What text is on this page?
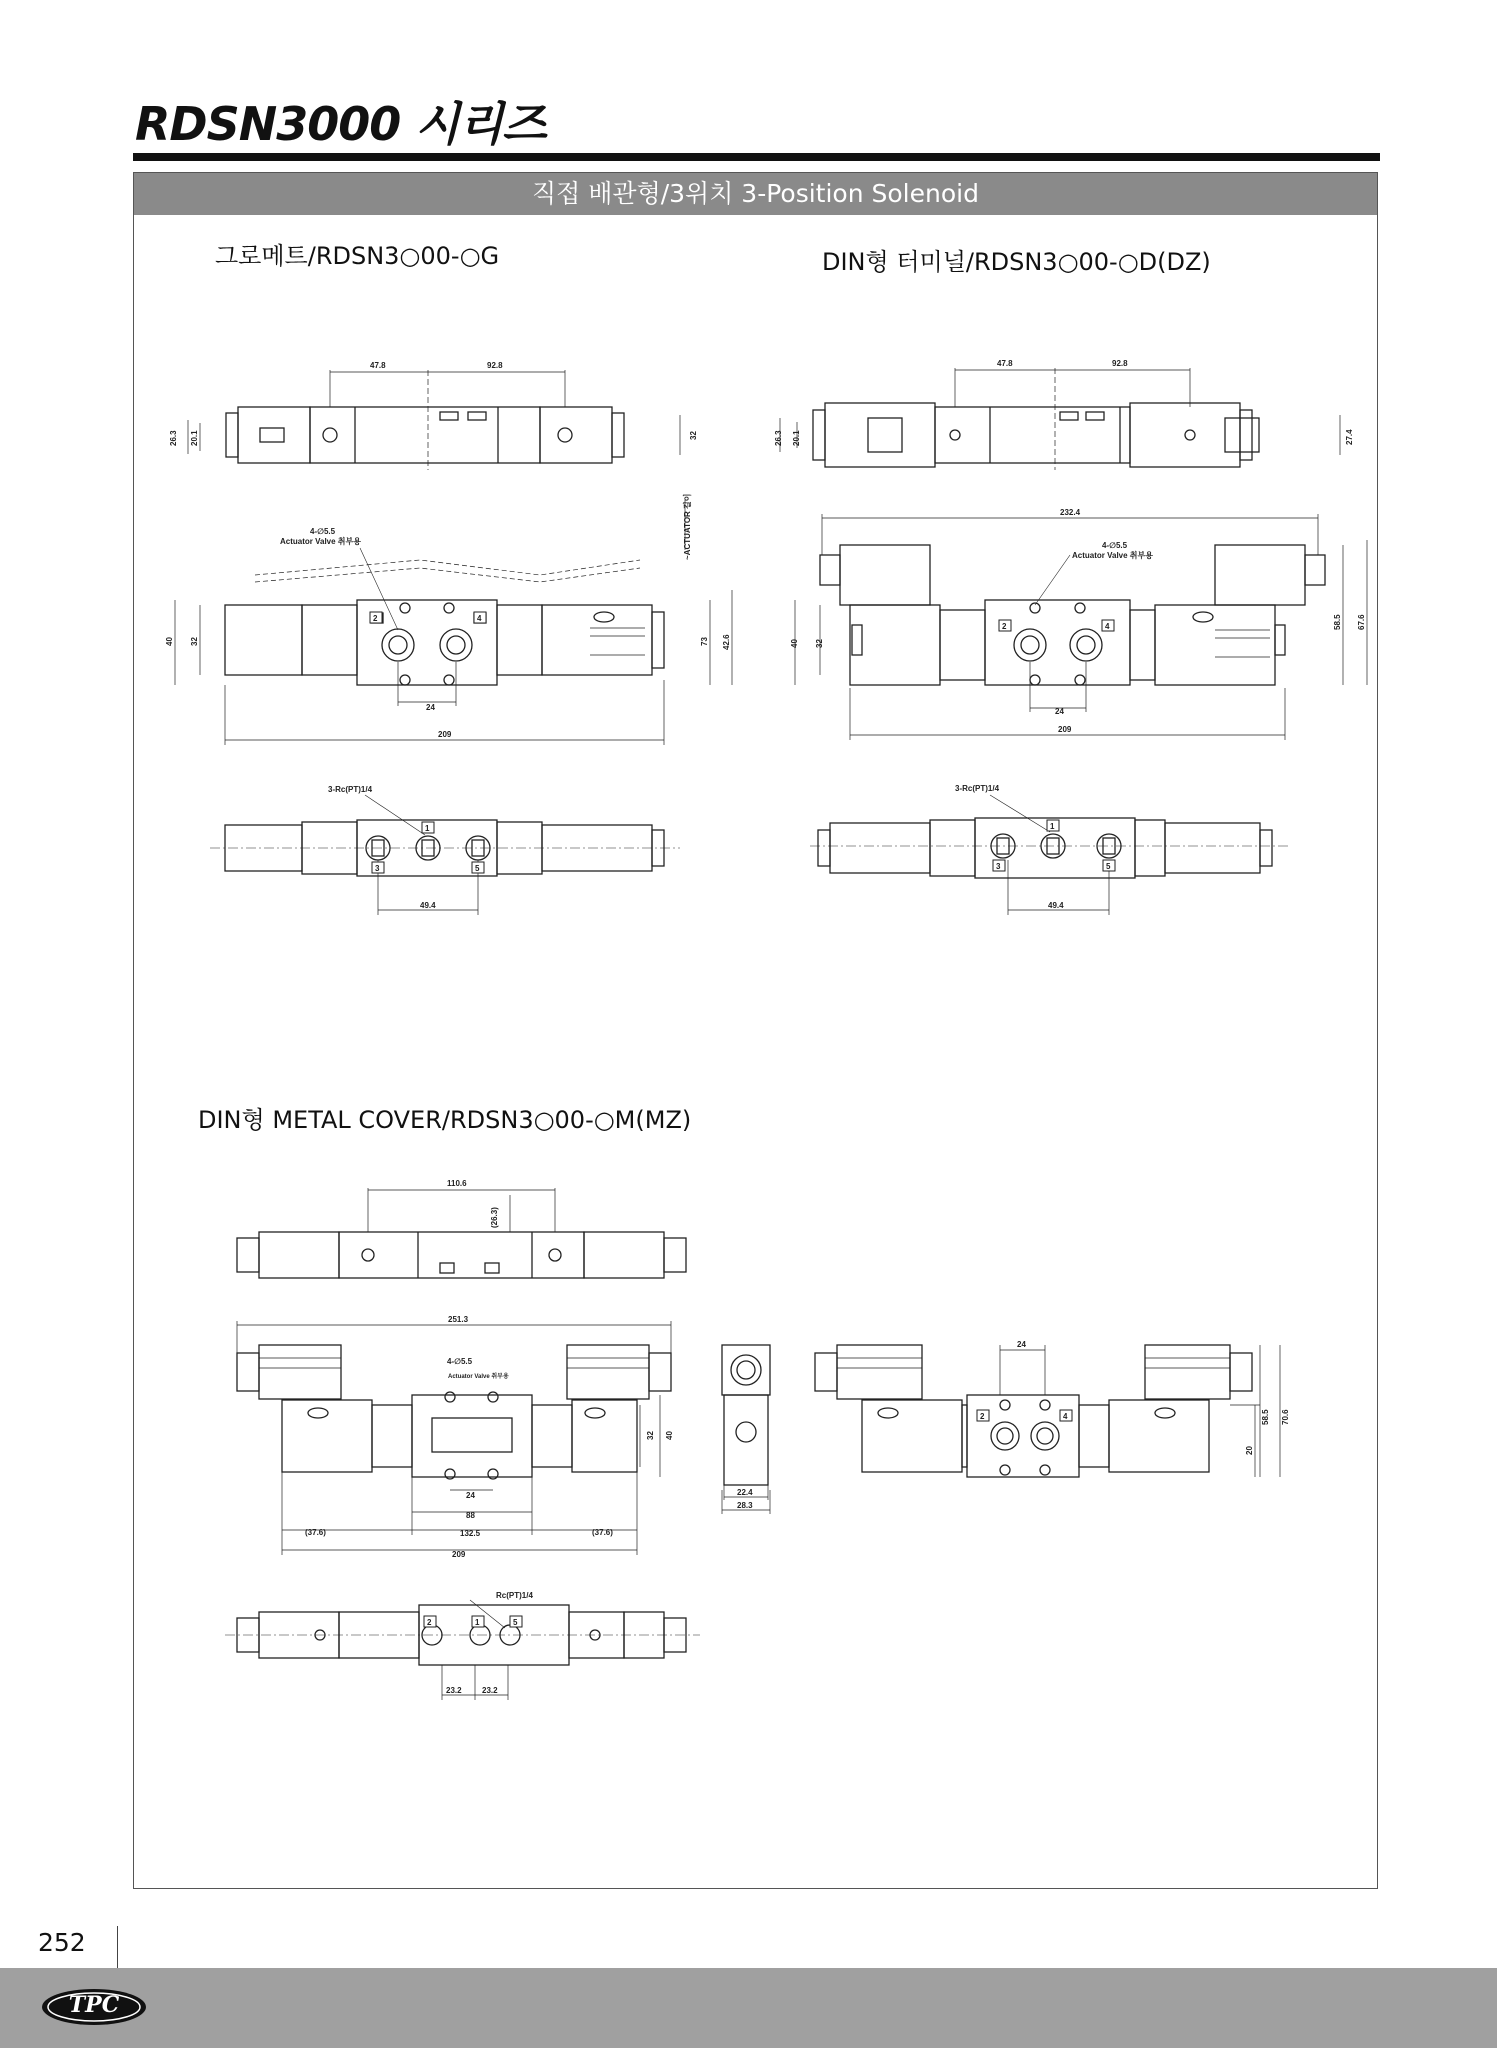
RDSN3000 시리즈
직접 배관형/3위치 3-Position Solenoid
그로메트/RDSN3○00-○G	DIN형 터미널/RDSN3○00-○D(DZ)
DIN형 METAL COVER/RDSN3○00-○M(MZ)
47.8	92.8
26.3 20.1	32
24
209
4-∅5.5
Actuator Valve 취부용	~ACTUATOR 길이
40 32	73 42.6
2	4
3-Rc(PT)1/4
49.4
1
3	5
47.8	92.8
26.3 20.1	27.4
24
209
232.4
4-∅5.5
Actuator Valve 취부용
40 32
58.5 67.6
2	4
3-Rc(PT)1/4
49.4
1
3	5
110.6
(26.3)
251.3
4-∅5.5
Actuator Valve 취부용
24
88
(37.6)	132.5	(37.6)
209
32 40
22.4
28.3
24
20
58.5 70.6
2	4
Rc(PT)1/4
23.2	23.2
2	1	5
252
TPC
